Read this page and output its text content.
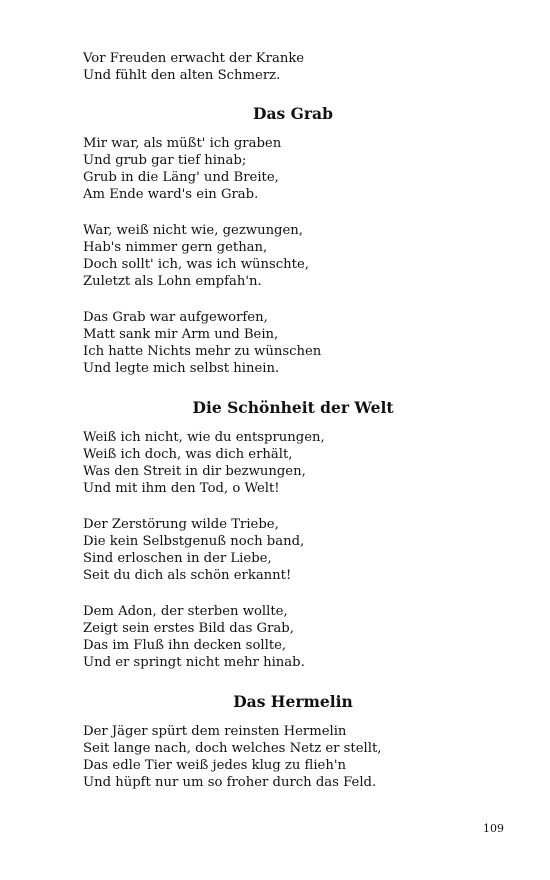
Vor Freuden erwacht der Kranke
Und fühlt den alten Schmerz.
Das Grab
Mir war, als müßt' ich graben
Und grub gar tief hinab;
Grub in die Läng' und Breite,
Am Ende ward's ein Grab.
War, weiß nicht wie, gezwungen,
Hab's nimmer gern gethan,
Doch sollt' ich, was ich wünschte,
Zuletzt als Lohn empfah'n.
Das Grab war aufgeworfen,
Matt sank mir Arm und Bein,
Ich hatte Nichts mehr zu wünschen
Und legte mich selbst hinein.
Die Schönheit der Welt
Weiß ich nicht, wie du entsprungen,
Weiß ich doch, was dich erhält,
Was den Streit in dir bezwungen,
Und mit ihm den Tod, o Welt!
Der Zerstörung wilde Triebe,
Die kein Selbstgenuß noch band,
Sind erloschen in der Liebe,
Seit du dich als schön erkannt!
Dem Adon, der sterben wollte,
Zeigt sein erstes Bild das Grab,
Das im Fluß ihn decken sollte,
Und er springt nicht mehr hinab.
Das Hermelin
Der Jäger spürt dem reinsten Hermelin
Seit lange nach, doch welches Netz er stellt,
Das edle Tier weiß jedes klug zu flieh'n
Und hüpft nur um so froher durch das Feld.
109
